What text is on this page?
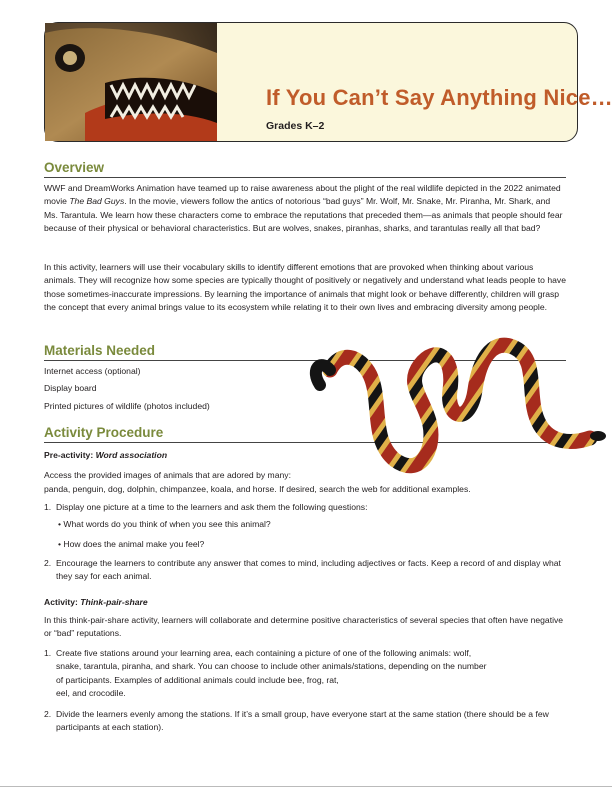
If You Can’t Say Anything Nice…
Grades K–2
Overview
WWF and DreamWorks Animation have teamed up to raise awareness about the plight of the real wildlife depicted in the 2022 animated movie The Bad Guys. In the movie, viewers follow the antics of notorious “bad guys” Mr. Wolf, Mr. Snake, Mr. Piranha, Mr. Shark, and Ms. Tarantula. We learn how these characters come to embrace the reputations that preceded them—as animals that people should fear because of their physical or behavioral characteristics. But are wolves, snakes, piranhas, sharks, and tarantulas really all that bad?
In this activity, learners will use their vocabulary skills to identify different emotions that are provoked when thinking about various animals. They will recognize how some species are typically thought of positively or negatively and understand what leads people to have those sometimes-inaccurate impressions. By learning the importance of animals that might look or behave differently, children will grasp the concept that every animal brings value to its ecosystem while relating it to their own lives and embracing diversity among people.
Materials Needed
Internet access (optional)
Display board
Printed pictures of wildlife (photos included)
Activity Procedure
Pre-activity: Word association
Access the provided images of animals that are adored by many:
panda, penguin, dog, dolphin, chimpanzee, koala, and horse. If desired, search the web for additional examples.
1. Display one picture at a time to the learners and ask them the following questions:
• What words do you think of when you see this animal?
• How does the animal make you feel?
2. Encourage the learners to contribute any answer that comes to mind, including adjectives or facts. Keep a record of and display what they say for each animal.
Activity: Think-pair-share
In this think-pair-share activity, learners will collaborate and determine positive characteristics of several species that often have negative or “bad” reputations.
1. Create five stations around your learning area, each containing a picture of one of the following animals: wolf,
snake, tarantula, piranha, and shark. You can choose to include other animals/stations, depending on the number
of participants. Examples of additional animals could include bee, frog, rat,
eel, and crocodile.
2. Divide the learners evenly among the stations. If it’s a small group, have everyone start at the same station (there should be a few participants at each station).
